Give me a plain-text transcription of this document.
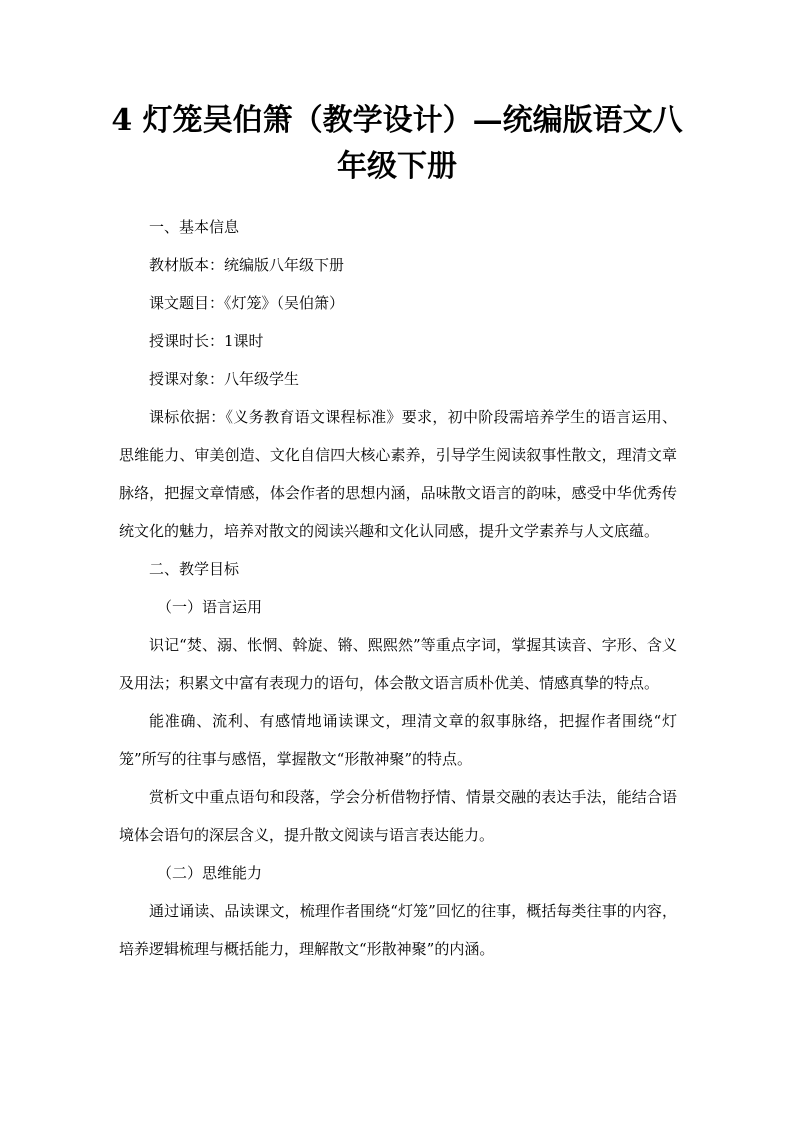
4 灯笼吴伯箫（教学设计）—统编版语文八年级下册

一、基本信息

教材版本：统编版八年级下册

课文题目：《灯笼》（吴伯箫）

授课时长：1课时

授课对象：八年级学生

课标依据：《义务教育语文课程标准》要求，初中阶段需培养学生的语言运用、思维能力、审美创造、文化自信四大核心素养，引导学生阅读叙事性散文，理清文章脉络，把握文章情感，体会作者的思想内涵，品味散文语言的韵味，感受中华优秀传统文化的魅力，培养对散文的阅读兴趣和文化认同感，提升文学素养与人文底蕴。

二、教学目标

（一）语言运用

识记“焚、溺、怅惘、斡旋、锵、熙熙然”等重点字词，掌握其读音、字形、含义及用法；积累文中富有表现力的语句，体会散文语言质朴优美、情感真挚的特点。

能准确、流利、有感情地诵读课文，理清文章的叙事脉络，把握作者围绕“灯笼”所写的往事与感悟，掌握散文“形散神聚”的特点。

赏析文中重点语句和段落，学会分析借物抒情、情景交融的表达手法，能结合语境体会语句的深层含义，提升散文阅读与语言表达能力。

（二）思维能力

通过诵读、品读课文，梳理作者围绕“灯笼”回忆的往事，概括每类往事的内容，培养逻辑梳理与概括能力，理解散文“形散神聚”的内涵。
